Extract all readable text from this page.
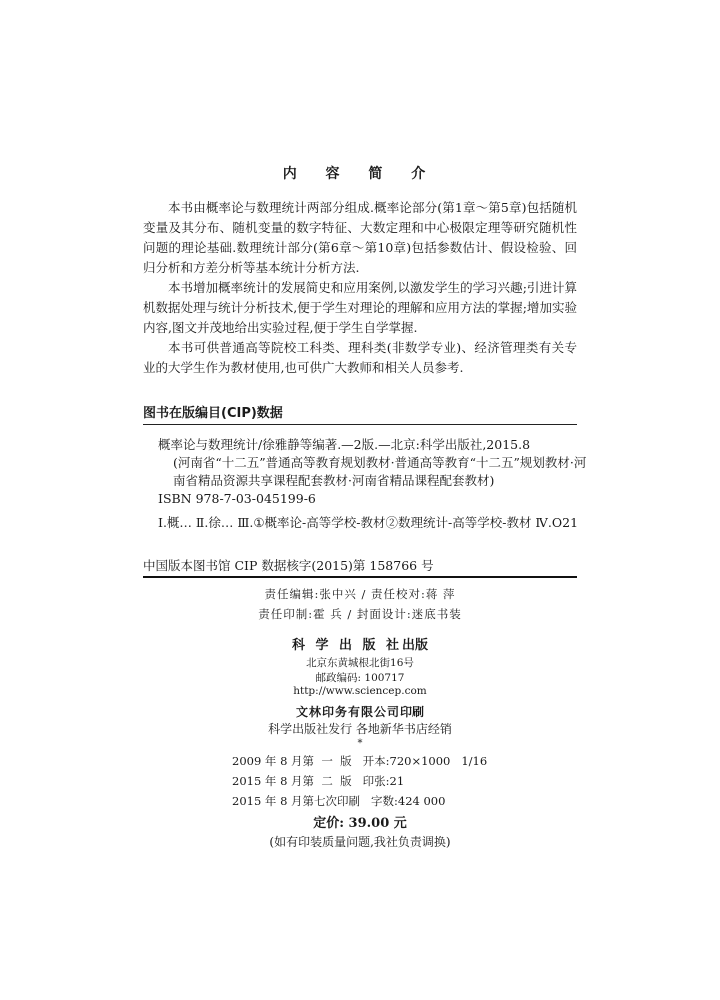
内 容 简 介

本书由概率论与数理统计两部分组成.概率论部分(第1章～第5章)包括随机变量及其分布、随机变量的数字特征、大数定理和中心极限定理等研究随机性问题的理论基础.数理统计部分(第6章～第10章)包括参数估计、假设检验、回归分析和方差分析等基本统计分析方法.

本书增加概率统计的发展简史和应用案例,以激发学生的学习兴趣;引进计算机数据处理与统计分析技术,便于学生对理论的理解和应用方法的掌握;增加实验内容,图文并茂地给出实验过程,便于学生自学掌握.

本书可供普通高等院校工科类、理科类(非数学专业)、经济管理类有关专业的大学生作为教材使用,也可供广大教师和相关人员参考.

图书在版编目(CIP)数据

概率论与数理统计/徐雅静等编著.—2版.—北京:科学出版社,2015.8
(河南省“十二五”普通高等教育规划教材·普通高等教育“十二五”规划教材·河南省精品资源共享课程配套教材·河南省精品课程配套教材)

ISBN 978-7-03-045199-6

Ⅰ.概… Ⅱ.徐… Ⅲ.①概率论-高等学校-教材②数理统计-高等学校-教材 Ⅳ.O21

中国版本图书馆 CIP 数据核字(2015)第 158766 号
责任编辑:张中兴 / 责任校对:蒋 萍
责任印制:霍 兵 / 封面设计:迷底书装
科 学 出 版 社出版
北京东黄城根北街16号
邮政编码: 100717
http://www.sciencep.com
文林印务有限公司印刷
科学出版社发行 各地新华书店经销
*
2009 年 8 月第  一  版   开本:720×1000   1/16
2015 年 8 月第  二  版   印张:21
2015 年 8 月第七次印刷   字数:424 000
定价: 39.00 元
(如有印装质量问题,我社负责调换)
